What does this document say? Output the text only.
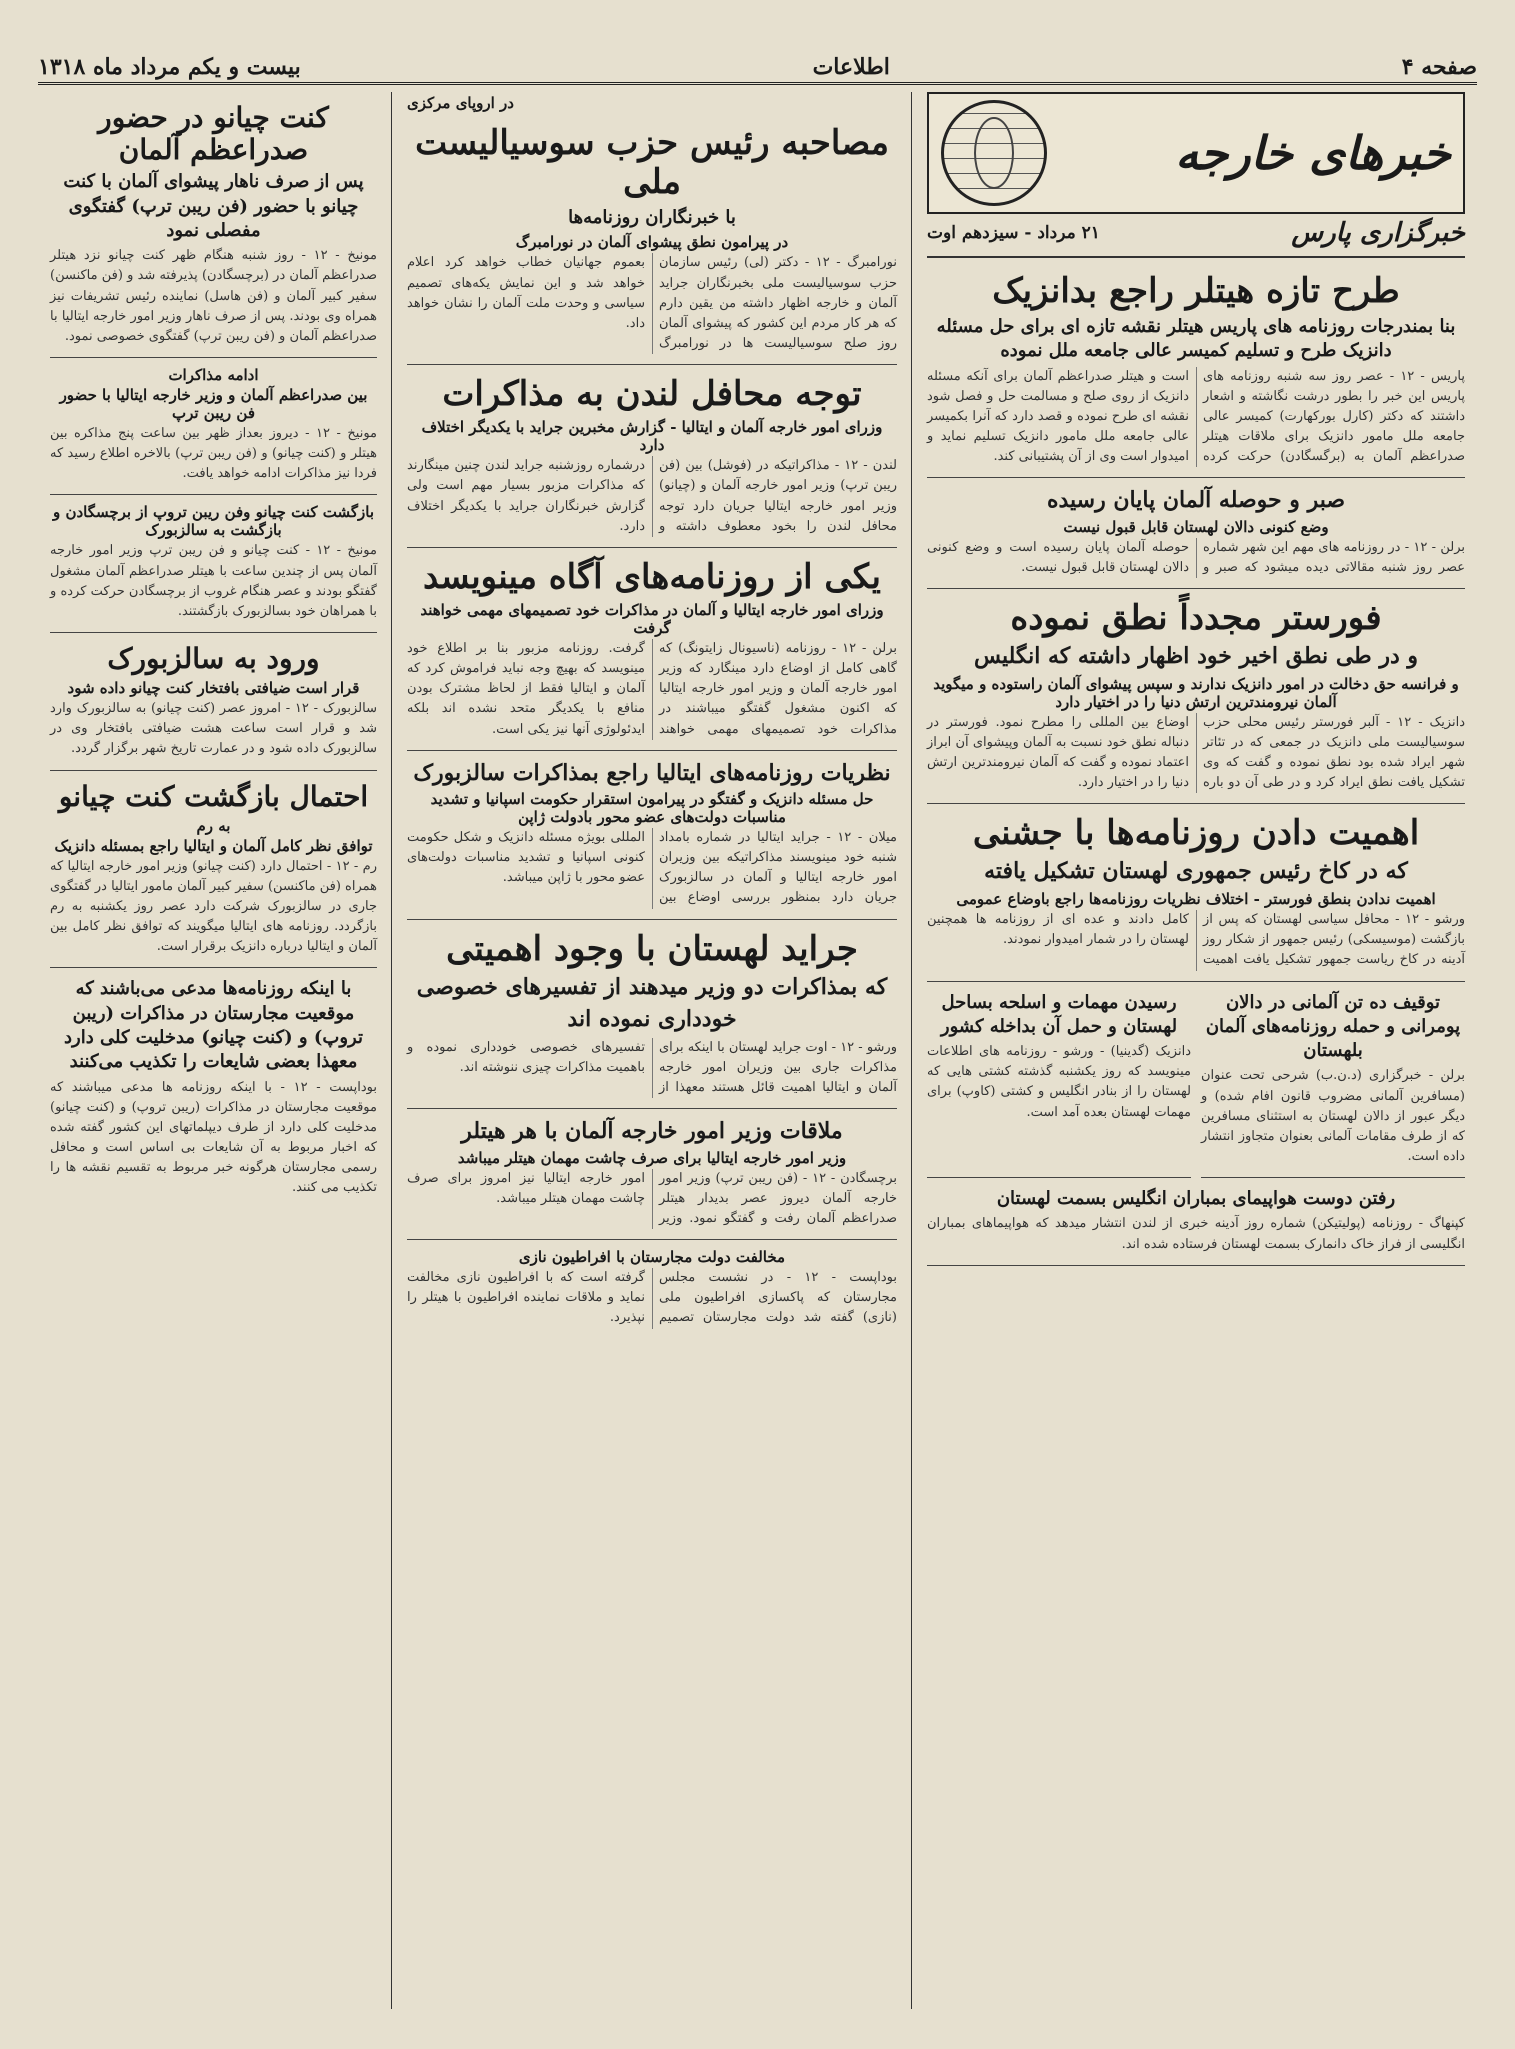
صفحه ۴
اطلاعات
بیست و یکم مرداد ماه ۱۳۱۸
خبرهای خارجه
خبرگزاری پارس
۲۱ مرداد - سیزدهم اوت
طرح تازه هیتلر راجع بدانزیک
بنا بمندرجات روزنامه های پاریس هیتلر نقشه تازه ای برای حل مسئله دانزیک طرح و تسلیم کمیسر عالی جامعه ملل نموده

پاریس - ۱۲ - عصر روز سه شنبه روزنامه های پاریس این خبر را بطور درشت نگاشته و اشعار داشتند که دکتر (کارل بورکهارت) کمیسر عالی جامعه ملل مامور دانزیک برای ملاقات هیتلر صدراعظم آلمان به (برگسگادن) حرکت کرده است و هیتلر صدراعظم آلمان برای آنکه مسئله دانزیک از روی صلح و مسالمت حل و فصل شود نقشه ای طرح نموده و قصد دارد که آنرا بکمیسر عالی جامعه ملل مامور دانزیک تسلیم نماید و امیدوار است وی از آن پشتیبانی کند.

صبر و حوصله آلمان پایان رسیده
وضع کنونی دالان لهستان قابل قبول نیست

برلن - ۱۲ - در روزنامه های مهم این شهر شماره عصر روز شنبه مقالاتی دیده میشود که صبر و حوصله آلمان پایان رسیده است و وضع کنونی دالان لهستان قابل قبول نیست.

فورستر مجدداً نطق نموده
و در طی نطق اخیر خود اظهار داشته که انگلیس
و فرانسه حق دخالت در امور دانزیک ندارند و سپس پیشوای آلمان راستوده و میگوید آلمان نیرومندترین ارتش دنیا را در اختیار دارد

دانزیک - ۱۲ - آلبر فورستر رئیس محلی حزب سوسیالیست ملی دانزیک در جمعی که در تئاتر شهر ایراد شده بود نطق نموده و گفت که وی تشکیل یافت نطق ایراد کرد و در طی آن دو باره اوضاع بین المللی را مطرح نمود. فورستر در دنباله نطق خود نسبت به آلمان وپیشوای آن ابراز اعتماد نموده و گفت که آلمان نیرومندترین ارتش دنیا را در اختیار دارد.

اهمیت دادن روزنامه‌ها با جشنی
که در کاخ رئیس جمهوری لهستان تشکیل یافته
اهمیت ندادن بنطق فورستر - اختلاف نظریات روزنامه‌ها راجع باوضاع عمومی

ورشو - ۱۲ - محافل سیاسی لهستان که پس از بازگشت (موسیسکی) رئیس جمهور از شکار روز آدینه در کاخ ریاست جمهور تشکیل یافت اهمیت کامل دادند و عده ای از روزنامه ها همچنین لهستان را در شمار امیدوار نمودند.

توقیف ده تن آلمانی در دالان پومرانی و حمله روزنامه‌های آلمان بلهستان

برلن - خبرگزاری (د.ن.ب) شرحی تحت عنوان (مسافرین آلمانی مضروب قانون افام شده) و دیگر عبور از دالان لهستان به استثنای مسافرین که از طرف مقامات آلمانی بعنوان متجاوز انتشار داده است.

رسیدن مهمات و اسلحه بساحل لهستان و حمل آن بداخله کشور

دانزیک (گدینیا) - ورشو - روزنامه های اطلاعات مینویسد که روز یکشنبه گذشته کشتی هایی که لهستان را از بنادر انگلیس و کشتی (کاوپ) برای مهمات لهستان بعده آمد است.

رفتن دوست هواپیمای بمباران انگلیس بسمت لهستان

کپنهاگ - روزنامه (پولیتیکن) شماره روز آدینه خبری از لندن انتشار میدهد که هواپیماهای بمباران انگلیسی از فراز خاک دانمارک بسمت لهستان فرستاده شده اند.

در اروپای مرکزی
مصاحبه رئیس حزب سوسیالیست ملی
با خبرنگاران روزنامه‌ها
در پیرامون نطق پیشوای آلمان در نورامبرگ

نورامبرگ - ۱۲ - دکتر (لی) رئیس سازمان حزب سوسیالیست ملی بخبرنگاران جراید آلمان و خارجه اظهار داشته من یقین دارم که هر کار مردم این کشور که پیشوای آلمان روز صلح سوسیالیست ها در نورامبرگ بعموم جهانیان خطاب خواهد کرد اعلام خواهد شد و این نمایش یکه‌های تصمیم سیاسی و وحدت ملت آلمان را نشان خواهد داد.

توجه محافل لندن به مذاکرات
وزرای امور خارجه آلمان و ایتالیا - گزارش مخبرین جراید با یکدیگر اختلاف دارد

لندن - ۱۲ - مذاکراتیکه در (فوشل) بین (فن ریبن ترپ) وزیر امور خارجه آلمان و (چیانو) وزیر امور خارجه ایتالیا جریان دارد توجه محافل لندن را بخود معطوف داشته و درشماره روزشنبه جراید لندن چنین مینگارند که مذاکرات مزبور بسیار مهم است ولی گزارش خبرنگاران جراید با یکدیگر اختلاف دارد.

یکی از روزنامه‌های آگاه مینویسد
وزرای امور خارجه ایتالیا و آلمان در مذاکرات خود تصمیمهای مهمی خواهند گرفت

برلن - ۱۲ - روزنامه (ناسیونال زایتونگ) که گاهی کامل از اوضاع دارد مینگارد که وزیر امور خارجه آلمان و وزیر امور خارجه ایتالیا که اکنون مشغول گفتگو میباشند در مذاکرات خود تصمیمهای مهمی خواهند گرفت. روزنامه مزبور بنا بر اطلاع خود مینویسد که بهیچ وجه نباید فراموش کرد که آلمان و ایتالیا فقط از لحاظ مشترک بودن منافع با یکدیگر متحد نشده اند بلکه ایدئولوژی آنها نیز یکی است.

نظریات روزنامه‌های ایتالیا راجع بمذاکرات سالزبورک
حل مسئله دانزیک و گفتگو در پیرامون استقرار حکومت اسپانیا و تشدید مناسبات دولت‌های عضو محور بادولت ژاپن

میلان - ۱۲ - جراید ایتالیا در شماره بامداد شنبه خود مینویسند مذاکراتیکه بین وزیران امور خارجه ایتالیا و آلمان در سالزبورک جریان دارد بمنظور بررسی اوضاع بین المللی بویژه مسئله دانزیک و شکل حکومت کنونی اسپانیا و تشدید مناسبات دولت‌های عضو محور با ژاپن میباشد.

جراید لهستان با وجود اهمیتی
که بمذاکرات دو وزیر میدهند از تفسیرهای خصوصی
خودداری نموده اند

ورشو - ۱۲ - اوت جراید لهستان با اینکه برای مذاکرات جاری بین وزیران امور خارجه آلمان و ایتالیا اهمیت قائل هستند معهذا از تفسیرهای خصوصی خودداری نموده و باهمیت مذاکرات چیزی ننوشته اند.

ملاقات وزیر امور خارجه آلمان با هر هیتلر
وزیر امور خارجه ایتالیا برای صرف چاشت مهمان هیتلر میباشد

برچسگادن - ۱۲ - (فن ریبن ترپ) وزیر امور خارجه آلمان دیروز عصر بدیدار هیتلر صدراعظم آلمان رفت و گفتگو نمود. وزیر امور خارجه ایتالیا نیز امروز برای صرف چاشت مهمان هیتلر میباشد.

مخالفت دولت مجارستان با افراطیون نازی

بوداپست - ۱۲ - در نشست مجلس مجارستان که پاکسازی افراطیون ملی (نازی) گفته شد دولت مجارستان تصمیم گرفته است که با افراطیون نازی مخالفت نماید و ملاقات نماینده افراطیون با هیتلر را نپذیرد.

کنت چیانو در حضور صدراعظم آلمان
پس از صرف ناهار پیشوای آلمان با کنت چیانو با حضور (فن ریبن ترپ) گفتگوی مفصلی نمود

مونیخ - ۱۲ - روز شنبه هنگام ظهر کنت چیانو نزد هیتلر صدراعظم آلمان در (برچسگادن) پذیرفته شد و (فن ماکنسن) سفیر کبیر آلمان و (فن هاسل) نماینده رئیس تشریفات نیز همراه وی بودند. پس از صرف ناهار وزیر امور خارجه ایتالیا با صدراعظم آلمان و (فن ریبن ترپ) گفتگوی خصوصی نمود.

ادامه مذاکرات
بین صدراعظم آلمان و وزیر خارجه ایتالیا با حضور فن ریبن ترپ

مونیخ - ۱۲ - دیروز بعداز ظهر بین ساعت پنج مذاکره بین هیتلر و (کنت چیانو) و (فن ریبن ترپ) بالاخره اطلاع رسید که فردا نیز مذاکرات ادامه خواهد یافت.

بازگشت کنت چیانو وفن ریبن تروپ از برچسگادن و بازگشت به سالزبورک

مونیخ - ۱۲ - کنت چیانو و فن ریبن ترپ وزیر امور خارجه آلمان پس از چندین ساعت با هیتلر صدراعظم آلمان مشغول گفتگو بودند و عصر هنگام غروب از برچسگادن حرکت کرده و با همراهان خود بسالزبورک بازگشتند.

ورود به سالزبورک
قرار است ضیافتی بافتخار کنت چیانو داده شود

سالزبورک - ۱۲ - امروز عصر (کنت چیانو) به سالزبورک وارد شد و قرار است ساعت هشت ضیافتی بافتخار وی در سالزبورک داده شود و در عمارت تاریخ شهر برگزار گردد.

احتمال بازگشت کنت چیانو
به رم
توافق نظر کامل آلمان و ایتالیا راجع بمسئله دانزیک

رم - ۱۲ - احتمال دارد (کنت چیانو) وزیر امور خارجه ایتالیا که همراه (فن ماکنسن) سفیر کبیر آلمان مامور ایتالیا در گفتگوی جاری در سالزبورک شرکت دارد عصر روز یکشنبه به رم بازگردد. روزنامه های ایتالیا میگویند که توافق نظر کامل بین آلمان و ایتالیا درباره دانزیک برقرار است.

با اینکه روزنامه‌ها مدعی می‌باشند که موقعیت مجارستان در مذاکرات (ریبن تروپ) و (کنت چیانو) مدخلیت کلی دارد معهذا بعضی شایعات را تکذیب می‌کنند

بوداپست - ۱۲ - با اینکه روزنامه ها مدعی میباشند که موقعیت مجارستان در مذاکرات (ریبن تروپ) و (کنت چیانو) مدخلیت کلی دارد از طرف دیپلماتهای این کشور گفته شده که اخبار مربوط به آن شایعات بی اساس است و محافل رسمی مجارستان هرگونه خبر مربوط به تقسیم نقشه ها را تکذیب می کنند.
